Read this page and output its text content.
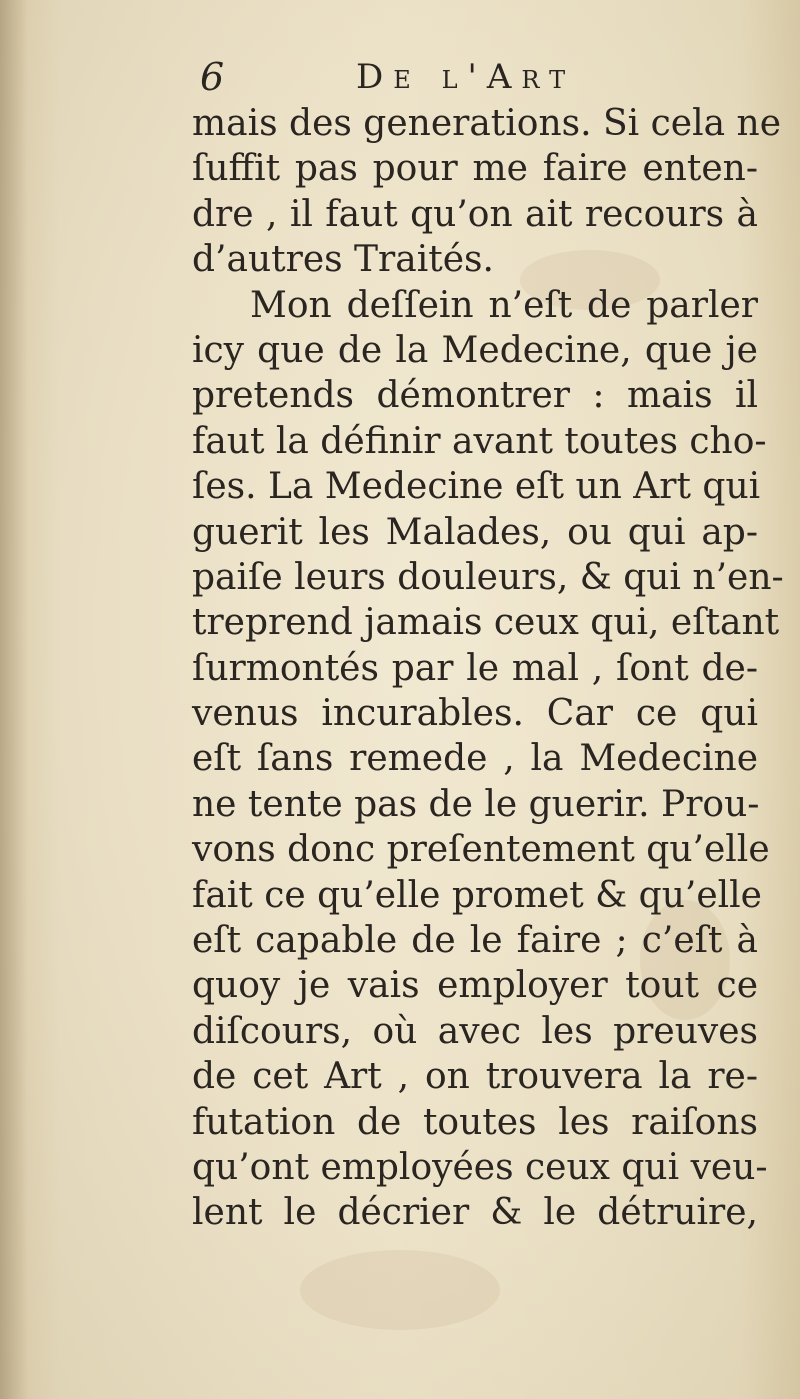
6	De l'Art
mais des generations. Si cela ne
ſuffit pas pour me faire enten-
dre , il faut qu’on ait recours à
d’autres Traités.
Mon deſſein n’eſt de parler
icy que de la Medecine, que je
pretends démontrer : mais il
faut la définir avant toutes cho-
ſes. La Medecine eſt un Art qui
guerit les Malades, ou qui ap-
paiſe leurs douleurs, & qui n’en-
treprend jamais ceux qui, eſtant
ſurmontés par le mal , ſont de-
venus incurables. Car ce qui
eſt ſans remede , la Medecine
ne tente pas de le guerir. Prou-
vons donc preſentement qu’elle
fait ce qu’elle promet & qu’elle
eſt capable de le faire ; c’eſt à
quoy je vais employer tout ce
diſcours, où avec les preuves
de cet Art , on trouvera la re-
futation de toutes les raiſons
qu’ont employées ceux qui veu-
lent le décrier & le détruire,
